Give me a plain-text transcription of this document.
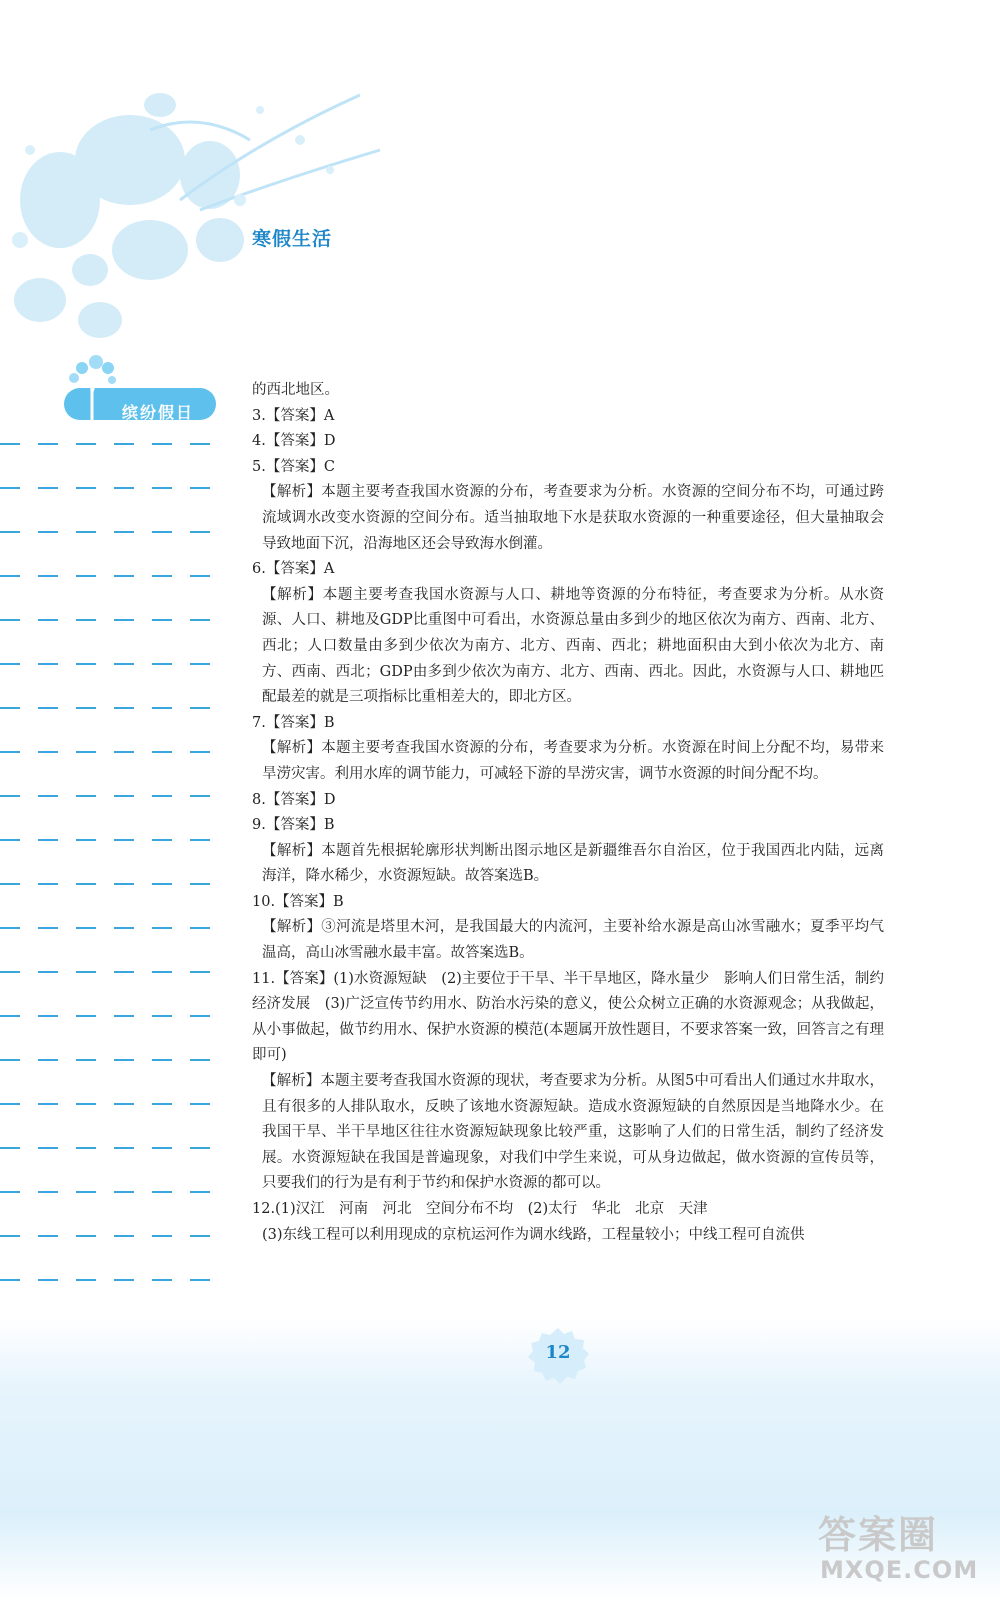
寒假生活
缤纷假日

的西北地区。

3.【答案】A

4.【答案】D

5.【答案】C

【解析】本题主要考查我国水资源的分布，考查要求为分析。水资源的空间分布不均，可通过跨流域调水改变水资源的空间分布。适当抽取地下水是获取水资源的一种重要途径，但大量抽取会导致地面下沉，沿海地区还会导致海水倒灌。

6.【答案】A

【解析】本题主要考查我国水资源与人口、耕地等资源的分布特征，考查要求为分析。从水资源、人口、耕地及GDP比重图中可看出，水资源总量由多到少的地区依次为南方、西南、北方、西北；人口数量由多到少依次为南方、北方、西南、西北；耕地面积由大到小依次为北方、南方、西南、西北；GDP由多到少依次为南方、北方、西南、西北。因此，水资源与人口、耕地匹配最差的就是三项指标比重相差大的，即北方区。

7.【答案】B

【解析】本题主要考查我国水资源的分布，考查要求为分析。水资源在时间上分配不均，易带来旱涝灾害。利用水库的调节能力，可减轻下游的旱涝灾害，调节水资源的时间分配不均。

8.【答案】D

9.【答案】B

【解析】本题首先根据轮廓形状判断出图示地区是新疆维吾尔自治区，位于我国西北内陆，远离海洋，降水稀少，水资源短缺。故答案选B。

10.【答案】B

【解析】③河流是塔里木河，是我国最大的内流河，主要补给水源是高山冰雪融水；夏季平均气温高，高山冰雪融水最丰富。故答案选B。

11.【答案】(1)水资源短缺　(2)主要位于干旱、半干旱地区，降水量少　影响人们日常生活，制约经济发展　(3)广泛宣传节约用水、防治水污染的意义，使公众树立正确的水资源观念；从我做起，从小事做起，做节约用水、保护水资源的模范(本题属开放性题目，不要求答案一致，回答言之有理即可)

【解析】本题主要考查我国水资源的现状，考查要求为分析。从图5中可看出人们通过水井取水，且有很多的人排队取水，反映了该地水资源短缺。造成水资源短缺的自然原因是当地降水少。在我国干旱、半干旱地区往往水资源短缺现象比较严重，这影响了人们的日常生活，制约了经济发展。水资源短缺在我国是普遍现象，对我们中学生来说，可从身边做起，做水资源的宣传员等，只要我们的行为是有利于节约和保护水资源的都可以。

12.(1)汉江　河南　河北　空间分布不均　(2)太行　华北　北京　天津

(3)东线工程可以利用现成的京杭运河作为调水线路，工程量较小；中线工程可自流供

12
答案圈
MXQE.COM
